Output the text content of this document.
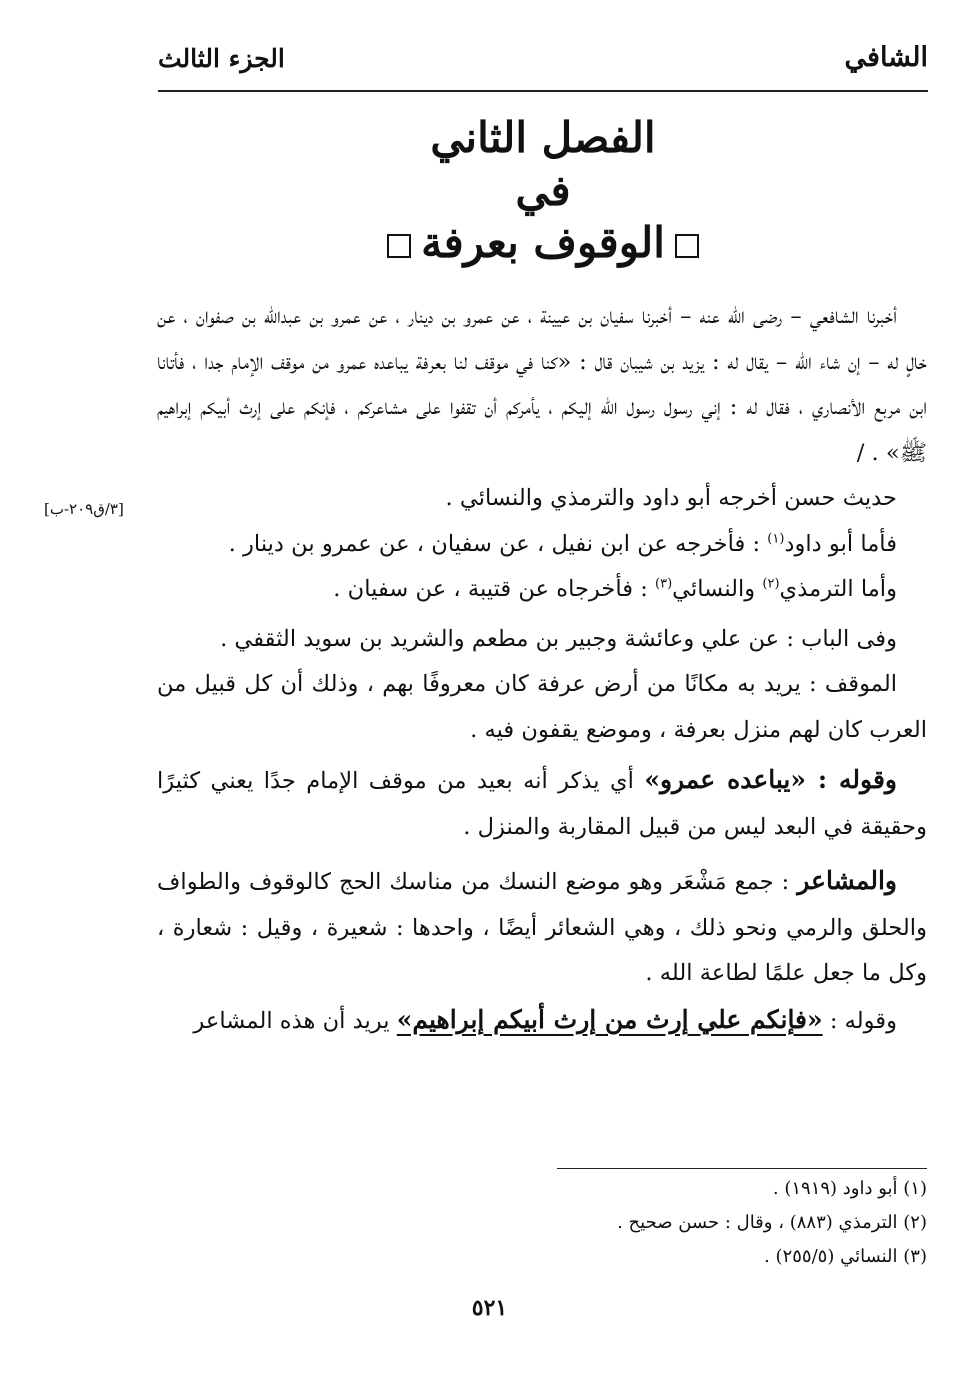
الشافي
الجزء الثالث
الفصل الثاني
في
الوقوف بعرفة
[٣/ق٢٠٩-ب]

أخبرنا الشافعي – رضى الله عنه – أخبرنا سفيان بن عيينة ، عن عمرو بن دينار ، عن عمرو بن عبدالله بن صفوان ، عن خالٍ له – إن شاء الله – يقال له : يزيد بن شيبان قال : «كنا في موقف لنا بعرفة يباعده عمرو من موقف الإمام جدا ، فأتانا ابن مربع الأنصاري ، فقال له : إني رسول رسول الله إليكم ، يأمركم أن تقفوا على مشاعركم ، فإنكم على إرث أبيكم إبراهيم ﷺ» . /

حديث حسن أخرجه أبو داود والترمذي والنسائي .

فأما أبو داود$^{(١)}$ : فأخرجه عن ابن نفيل ، عن سفيان ، عن عمرو بن دينار .

وأما الترمذي$^{(٢)}$ والنسائي$^{(٣)}$ : فأخرجاه عن قتيبة ، عن سفيان .

وفى الباب : عن علي وعائشة وجبير بن مطعم والشريد بن سويد الثقفي .

الموقف : يريد به مكانًا من أرض عرفة كان معروفًا بهم ، وذلك أن كل قبيل من العرب كان لهم منزل بعرفة ، وموضع يقفون فيه .

وقوله : «يباعده عمرو» أي يذكر أنه بعيد من موقف الإمام جدًا يعني كثيرًا وحقيقة في البعد ليس من قبيل المقاربة والمنزل .

والمشاعر : جمع مَشْعَر وهو موضع النسك من مناسك الحج كالوقوف والطواف والحلق والرمي ونحو ذلك ، وهي الشعائر أيضًا ، واحدها : شعيرة ، وقيل : شعارة ، وكل ما جعل علمًا لطاعة الله .

وقوله : «فإنكم علي إرث من إرث أبيكم إبراهيم» يريد أن هذه المشاعر

(١) أبو داود (١٩١٩) .

(٢) الترمذي (٨٨٣) ، وقال : حسن صحيح .

(٣) النسائي (٢٥٥/٥) .

٥٢١
